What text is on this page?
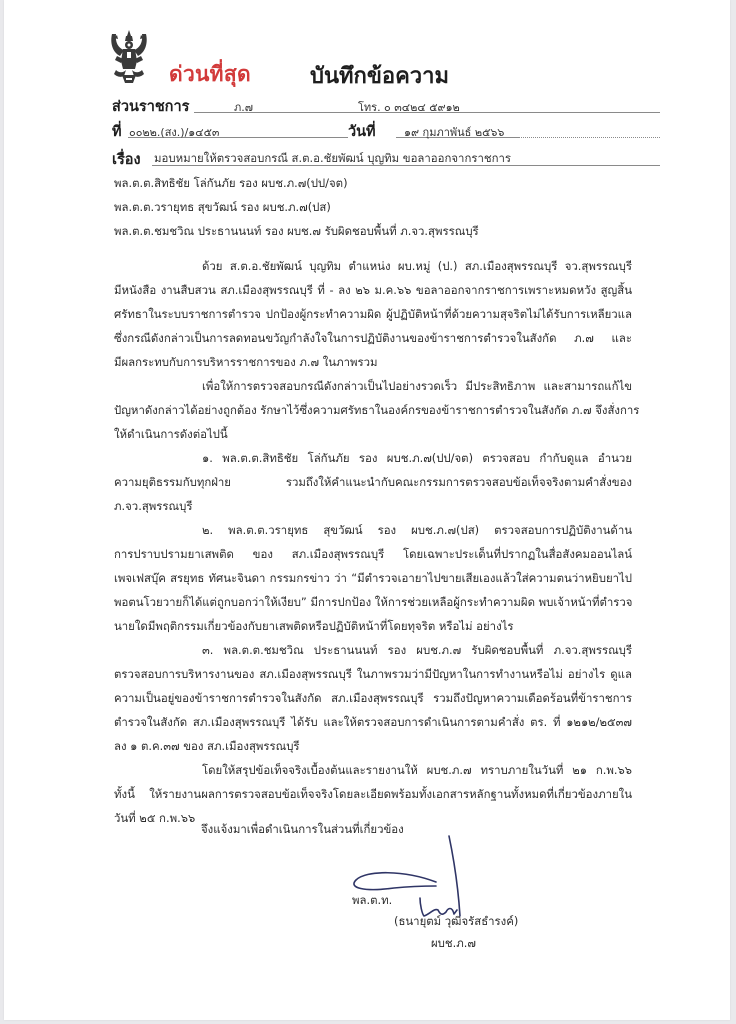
ด่วนที่สุด	บันทึกข้อความ
ส่วนราชการ	ภ.๗	โทร. ๐ ๓๔๒๔ ๕๙๑๒
ที่ ๐๐๒๒.(สง.)/๑๔๕๓	วันที่	๑๙ กุมภาพันธ์ ๒๕๖๖
เรื่อง มอบหมายให้ตรวจสอบกรณี ส.ต.อ.ชัยพัฒน์ บุญทิม ขอลาออกจากราชการ
พล.ต.ต.สิทธิชัย โล่กันภัย รอง ผบช.ภ.๗(ปป/จต)
พล.ต.ต.วรายุทธ สุขวัฒน์ รอง ผบช.ภ.๗(ปส)
พล.ต.ต.ชมชวิณ ประธานนนท์ รอง ผบช.๗ รับผิดชอบพื้นที่ ภ.จว.สุพรรณบุรี
ด้วย ส.ต.อ.ชัยพัฒน์ บุญทิม ตำแหน่ง ผบ.หมู่ (ป.) สภ.เมืองสุพรรณบุรี จว.สุพรรณบุรี
มีหนังสือ งานสืบสวน สภ.เมืองสุพรรณบุรี ที่ - ลง ๒๖ ม.ค.๖๖ ขอลาออกจากราชการเพราะหมดหวัง สูญสิ้น
ศรัทธาในระบบราชการตำรวจ ปกป้องผู้กระทำความผิด ผู้ปฏิบัติหน้าที่ด้วยความสุจริตไม่ได้รับการเหลียวแล
ซึ่งกรณีดังกล่าวเป็นการลดทอนขวัญกำลังใจในการปฏิบัติงานของข้าราชการตำรวจในสังกัด ภ.๗ และ
มีผลกระทบกับการบริหารราชการของ ภ.๗ ในภาพรวม
เพื่อให้การตรวจสอบกรณีดังกล่าวเป็นไปอย่างรวดเร็ว มีประสิทธิภาพ และสามารถแก้ไข
ปัญหาดังกล่าวได้อย่างถูกต้อง รักษาไว้ซึ่งความศรัทธาในองค์กรของข้าราชการตำรวจในสังกัด ภ.๗ จึงสั่งการ
ให้ดำเนินการดังต่อไปนี้
๑. พล.ต.ต.สิทธิชัย โล่กันภัย รอง ผบช.ภ.๗(ปป/จต) ตรวจสอบ กำกับดูแล อำนวย
ความยุติธรรมกับทุกฝ่าย รวมถึงให้คำแนะนำกับคณะกรรมการตรวจสอบข้อเท็จจริงตามคำสั่งของ
ภ.จว.สุพรรณบุรี
๒. พล.ต.ต.วรายุทธ สุขวัฒน์ รอง ผบช.ภ.๗(ปส) ตรวจสอบการปฏิบัติงานด้าน
การปราบปรามยาเสพติด ของ สภ.เมืองสุพรรณบุรี โดยเฉพาะประเด็นที่ปรากฏในสื่อสังคมออนไลน์
เพจเฟสบุ๊ค สรยุทธ ทัศนะจินดา กรรมกรข่าว ว่า “มีตำรวจเอายาไปขายเสียเองแล้วใส่ความตนว่าหยิบยาไป
พอตนโวยวายก็ได้แต่ถูกบอกว่าให้เงียบ” มีการปกป้อง ให้การช่วยเหลือผู้กระทำความผิด พบเจ้าหน้าที่ตำรวจ
นายใดมีพฤติกรรมเกี่ยวข้องกับยาเสพติดหรือปฏิบัติหน้าที่โดยทุจริต หรือไม่ อย่างไร
๓. พล.ต.ต.ชมชวิณ ประธานนนท์ รอง ผบช.ภ.๗ รับผิดชอบพื้นที่ ภ.จว.สุพรรณบุรี
ตรวจสอบการบริหารงานของ สภ.เมืองสุพรรณบุรี ในภาพรวมว่ามีปัญหาในการทำงานหรือไม่ อย่างไร ดูแล
ความเป็นอยู่ของข้าราชการตำรวจในสังกัด สภ.เมืองสุพรรณบุรี รวมถึงปัญหาความเดือดร้อนที่ข้าราชการ
ตำรวจในสังกัด สภ.เมืองสุพรรณบุรี ได้รับ และให้ตรวจสอบการดำเนินการตามคำสั่ง ตร. ที่ ๑๒๑๒/๒๕๓๗
ลง ๑ ต.ค.๓๗ ของ สภ.เมืองสุพรรณบุรี
โดยให้สรุปข้อเท็จจริงเบื้องต้นและรายงานให้ ผบช.ภ.๗ ทราบภายในวันที่ ๒๑ ก.พ.๖๖
ทั้งนี้ ให้รายงานผลการตรวจสอบข้อเท็จจริงโดยละเอียดพร้อมทั้งเอกสารหลักฐานทั้งหมดที่เกี่ยวข้องภายใน
วันที่ ๒๕ ก.พ.๖๖
จึงแจ้งมาเพื่อดำเนินการในส่วนที่เกี่ยวข้อง
พล.ต.ท.
(ธนายุตม์ วุฒิจรัสธำรงค์)
ผบช.ภ.๗
